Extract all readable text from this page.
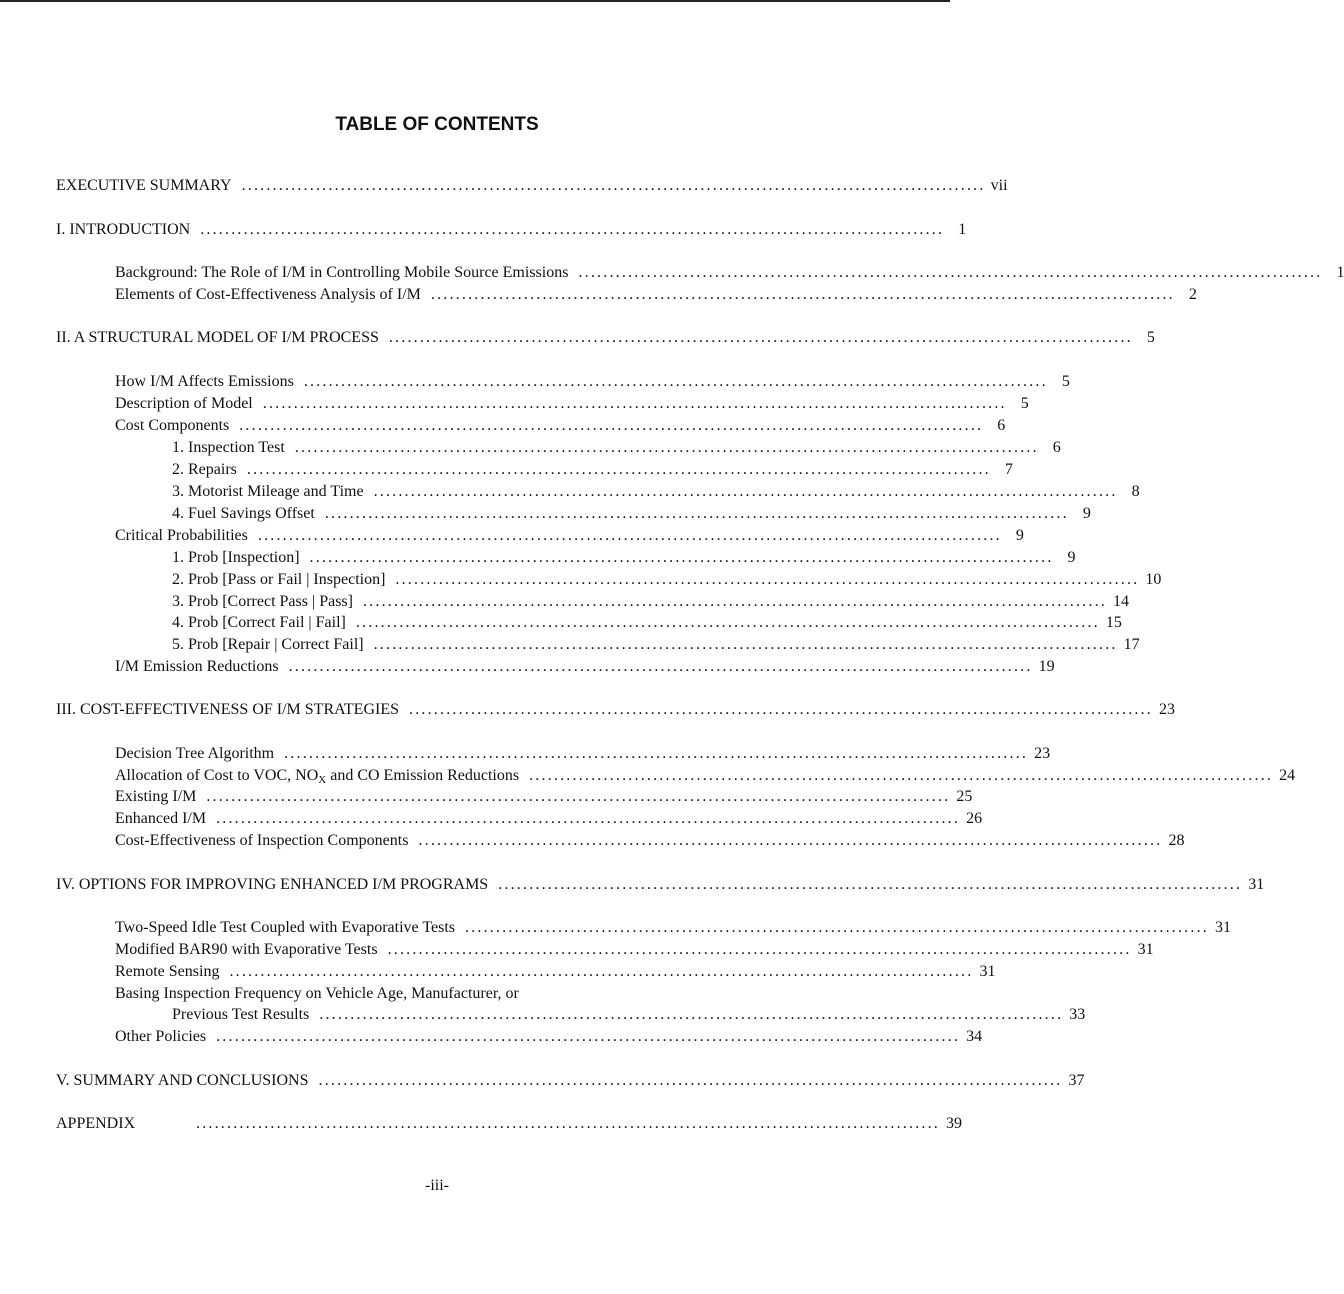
TABLE OF CONTENTS
EXECUTIVE SUMMARY ........................................................................................................................ vii
I. INTRODUCTION ........................................................................................................................ 1
Background: The Role of I/M in Controlling Mobile Source Emissions ........................................................................................................................ 1
Elements of Cost-Effectiveness Analysis of I/M ........................................................................................................................ 2
II. A STRUCTURAL MODEL OF I/M PROCESS ........................................................................................................................ 5
How I/M Affects Emissions ........................................................................................................................ 5
Description of Model ........................................................................................................................ 5
Cost Components ........................................................................................................................ 6
1. Inspection Test ........................................................................................................................ 6
2. Repairs ........................................................................................................................ 7
3. Motorist Mileage and Time ........................................................................................................................ 8
4. Fuel Savings Offset ........................................................................................................................ 9
Critical Probabilities ........................................................................................................................ 9
1. Prob [Inspection] ........................................................................................................................ 9
2. Prob [Pass or Fail | Inspection] ........................................................................................................................ 10
3. Prob [Correct Pass | Pass] ........................................................................................................................ 14
4. Prob [Correct Fail | Fail] ........................................................................................................................ 15
5. Prob [Repair | Correct Fail] ........................................................................................................................ 17
I/M Emission Reductions ........................................................................................................................ 19
III. COST-EFFECTIVENESS OF I/M STRATEGIES ........................................................................................................................ 23
Decision Tree Algorithm ........................................................................................................................ 23
Allocation of Cost to VOC, $NO_X$ and CO Emission Reductions ........................................................................................................................ 24
Existing I/M ........................................................................................................................ 25
Enhanced I/M ........................................................................................................................ 26
Cost-Effectiveness of Inspection Components ........................................................................................................................ 28
IV. OPTIONS FOR IMPROVING ENHANCED I/M PROGRAMS ........................................................................................................................ 31
Two-Speed Idle Test Coupled with Evaporative Tests ........................................................................................................................ 31
Modified BAR90 with Evaporative Tests ........................................................................................................................ 31
Remote Sensing ........................................................................................................................ 31
Basing Inspection Frequency on Vehicle Age, Manufacturer, or
Previous Test Results ........................................................................................................................ 33
Other Policies ........................................................................................................................ 34
V. SUMMARY AND CONCLUSIONS ........................................................................................................................ 37
APPENDIX	........................................................................................................................ 39
-iii-
